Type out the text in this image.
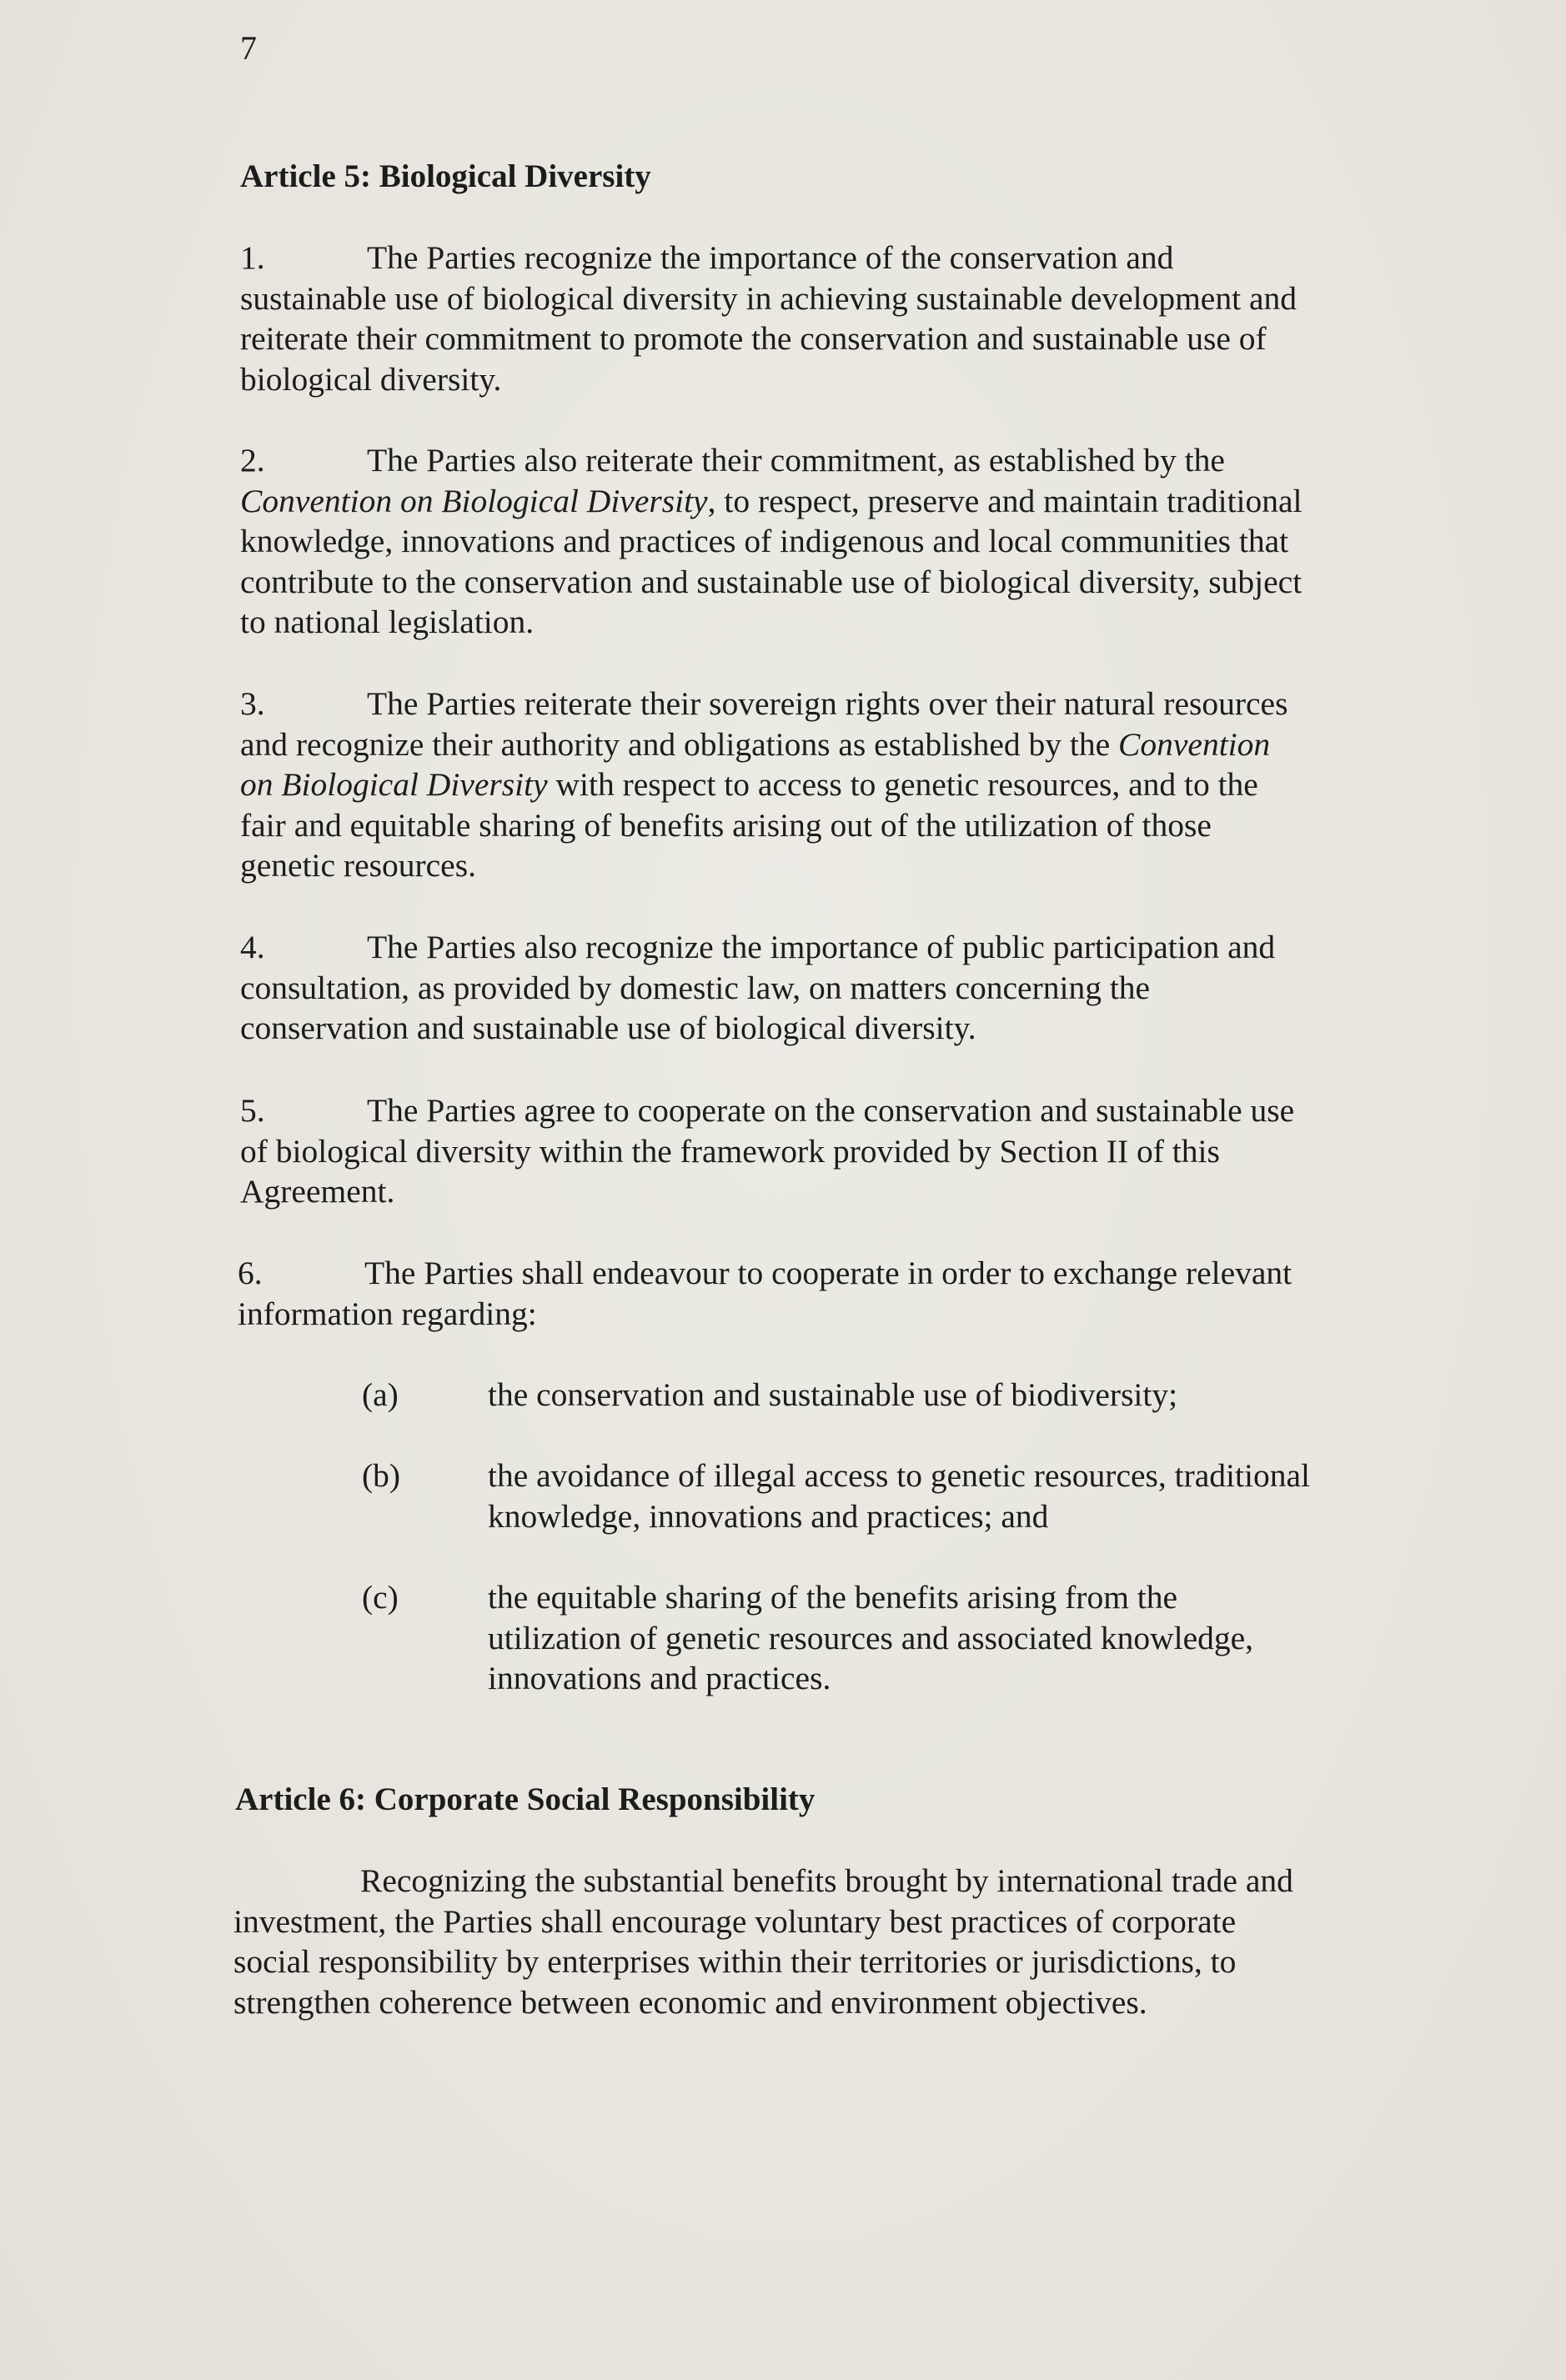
7
Article 5: Biological Diversity
1.	The Parties recognize the importance of the conservation and
sustainable use of biological diversity in achieving sustainable development and
reiterate their commitment to promote the conservation and sustainable use of
biological diversity.
2.	The Parties also reiterate their commitment, as established by the
Convention on Biological Diversity, to respect, preserve and maintain traditional
knowledge, innovations and practices of indigenous and local communities that
contribute to the conservation and sustainable use of biological diversity, subject
to national legislation.
3.	The Parties reiterate their sovereign rights over their natural resources
and recognize their authority and obligations as established by the Convention
on Biological Diversity with respect to access to genetic resources, and to the
fair and equitable sharing of benefits arising out of the utilization of those
genetic resources.
4.	The Parties also recognize the importance of public participation and
consultation, as provided by domestic law, on matters concerning the
conservation and sustainable use of biological diversity.
5.	The Parties agree to cooperate on the conservation and sustainable use
of biological diversity within the framework provided by Section II of this
Agreement.
6.	The Parties shall endeavour to cooperate in order to exchange relevant
information regarding:
(a)	the conservation and sustainable use of biodiversity;
(b)	the avoidance of illegal access to genetic resources, traditional
knowledge, innovations and practices; and
(c)	the equitable sharing of the benefits arising from the
utilization of genetic resources and associated knowledge,
innovations and practices.
Article 6: Corporate Social Responsibility
Recognizing the substantial benefits brought by international trade and
investment, the Parties shall encourage voluntary best practices of corporate
social responsibility by enterprises within their territories or jurisdictions, to
strengthen coherence between economic and environment objectives.
